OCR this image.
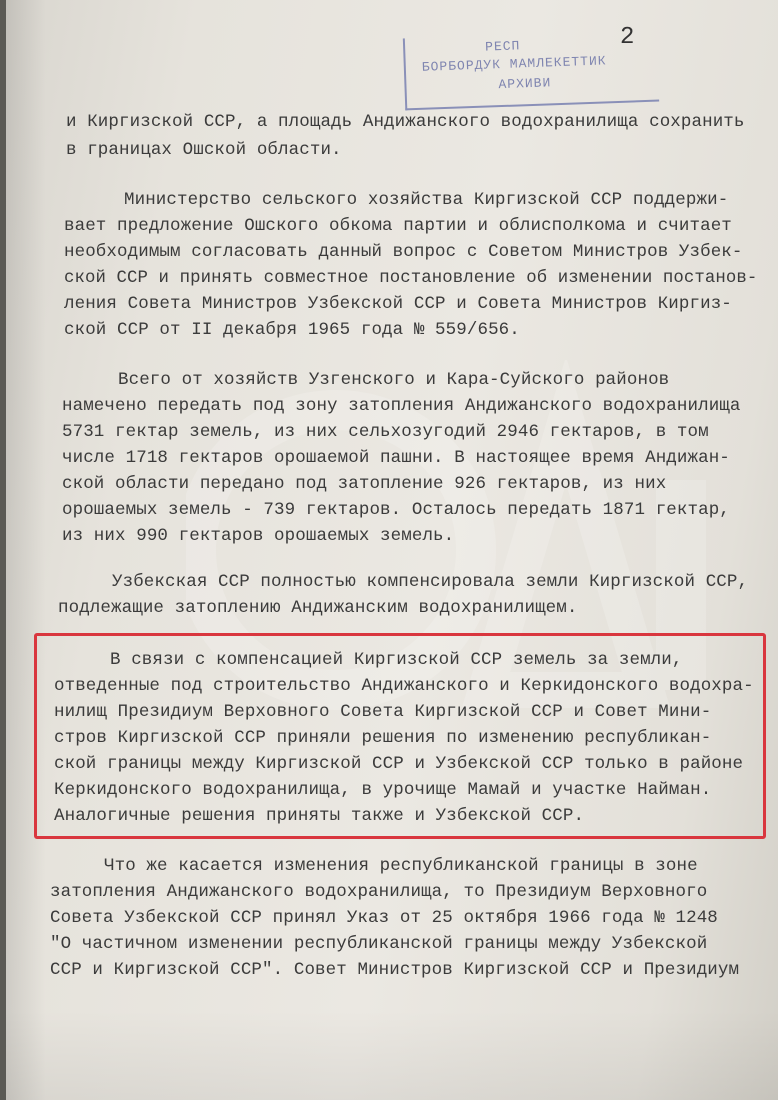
2
РЕСП
БОРБОРДУК МАМЛЕКЕТТИК
АРХИВИ
и Киргизской ССР, а площадь Андижанского водохранилища сохранить
в границах Ошской области.
Министерство сельского хозяйства Киргизской ССР поддержи-
вает предложение Ошского обкома партии и облисполкома и считает
необходимым согласовать данный вопрос с Советом Министров Узбек-
ской ССР и принять совместное постановление об изменении постанов-
ления Совета Министров Узбекской ССР и Совета Министров Киргиз-
ской ССР от II декабря 1965 года № 559/656.
Всего от хозяйств Узгенского и Кара-Суйского районов
намечено передать под зону затопления Андижанского водохранилища
5731 гектар земель, из них сельхозугодий 2946 гектаров, в том
числе 1718 гектаров орошаемой пашни. В настоящее время Андижан-
ской области передано под затопление 926 гектаров, из них
орошаемых земель - 739 гектаров. Осталось передать 1871 гектар,
из них 990 гектаров орошаемых земель.
Узбекская ССР полностью компенсировала земли Киргизской ССР,
подлежащие затоплению Андижанским водохранилищем.
В связи с компенсацией Киргизской ССР земель за земли,
отведенные под строительство Андижанского и Керкидонского водохра-
нилищ Президиум Верховного Совета Киргизской ССР и Совет Мини-
стров Киргизской ССР приняли решения по изменению республикан-
ской границы между Киргизской ССР и Узбекской ССР только в районе
Керкидонского водохранилища, в урочище Мамай и участке Найман.
Аналогичные решения приняты также и Узбекской ССР.
Что же касается изменения республиканской границы в зоне
затопления Андижанского водохранилища, то Президиум Верховного
Совета Узбекской ССР принял Указ от 25 октября 1966 года № 1248
"О частичном изменении республиканской границы между Узбекской
ССР и Киргизской ССР". Совет Министров Киргизской ССР и Президиум
